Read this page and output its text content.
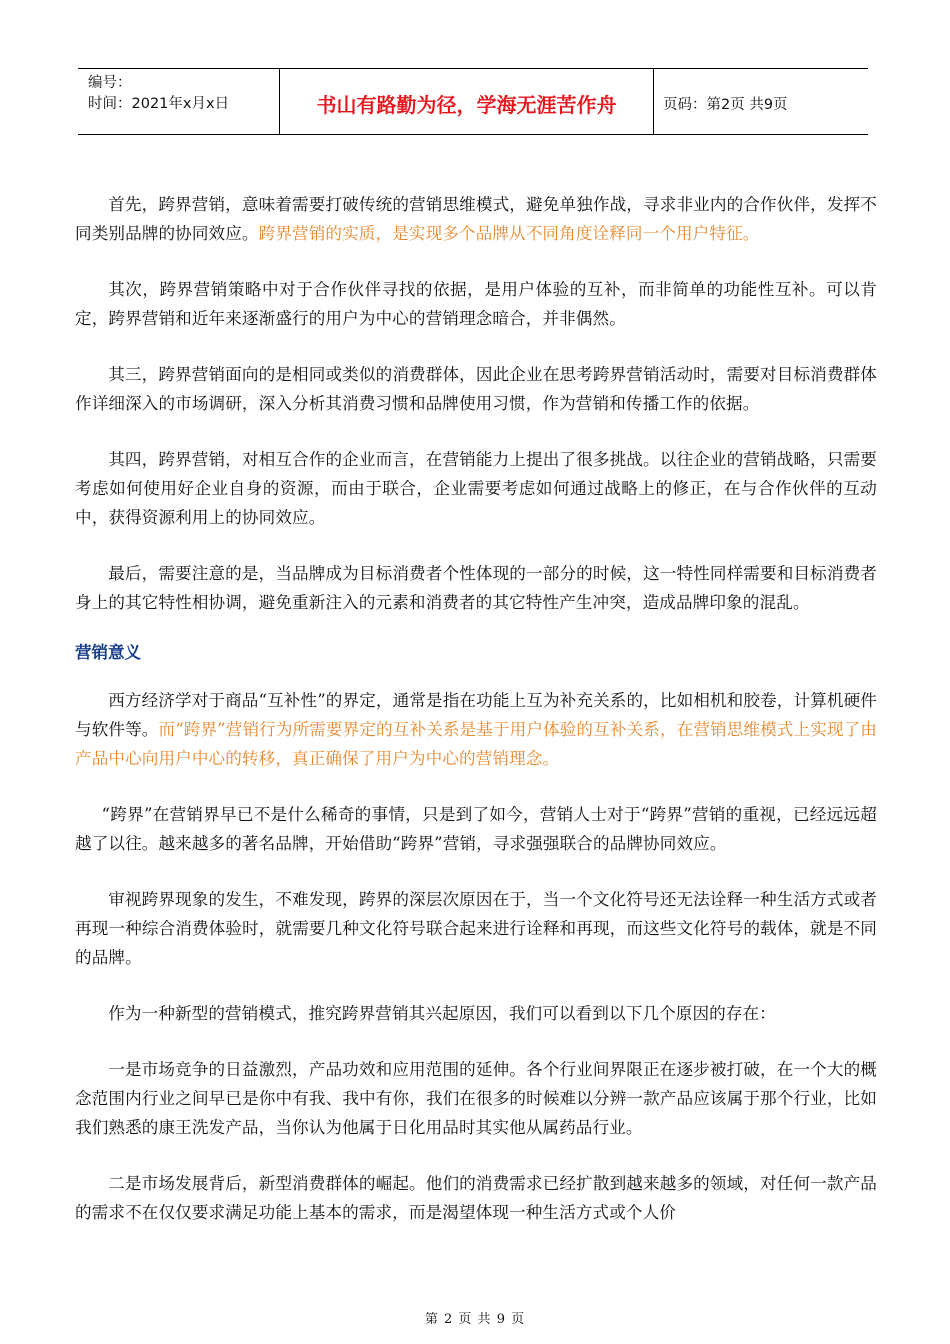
编号：
时间：2021年x月x日	书山有路勤为径，学海无涯苦作舟	页码：第2页 共9页

首先，跨界营销，意味着需要打破传统的营销思维模式，避免单独作战，寻求非业内的合作伙伴，发挥不同类别品牌的协同效应。跨界营销的实质，是实现多个品牌从不同角度诠释同一个用户特征。

其次，跨界营销策略中对于合作伙伴寻找的依据，是用户体验的互补，而非简单的功能性互补。可以肯定，跨界营销和近年来逐渐盛行的用户为中心的营销理念暗合，并非偶然。

其三，跨界营销面向的是相同或类似的消费群体，因此企业在思考跨界营销活动时，需要对目标消费群体作详细深入的市场调研，深入分析其消费习惯和品牌使用习惯，作为营销和传播工作的依据。

其四，跨界营销，对相互合作的企业而言，在营销能力上提出了很多挑战。以往企业的营销战略，只需要考虑如何使用好企业自身的资源，而由于联合，企业需要考虑如何通过战略上的修正，在与合作伙伴的互动中，获得资源利用上的协同效应。

最后，需要注意的是，当品牌成为目标消费者个性体现的一部分的时候，这一特性同样需要和目标消费者身上的其它特性相协调，避免重新注入的元素和消费者的其它特性产生冲突，造成品牌印象的混乱。

营销意义

西方经济学对于商品“互补性”的界定，通常是指在功能上互为补充关系的，比如相机和胶卷，计算机硬件与软件等。而“跨界”营销行为所需要界定的互补关系是基于用户体验的互补关系，在营销思维模式上实现了由产品中心向用户中心的转移，真正确保了用户为中心的营销理念。

“跨界”在营销界早已不是什么稀奇的事情，只是到了如今，营销人士对于“跨界”营销的重视，已经远远超越了以往。越来越多的著名品牌，开始借助“跨界”营销，寻求强强联合的品牌协同效应。

审视跨界现象的发生，不难发现，跨界的深层次原因在于，当一个文化符号还无法诠释一种生活方式或者再现一种综合消费体验时，就需要几种文化符号联合起来进行诠释和再现，而这些文化符号的载体，就是不同的品牌。

作为一种新型的营销模式，推究跨界营销其兴起原因，我们可以看到以下几个原因的存在：

一是市场竞争的日益激烈，产品功效和应用范围的延伸。各个行业间界限正在逐步被打破，在一个大的概念范围内行业之间早已是你中有我、我中有你，我们在很多的时候难以分辨一款产品应该属于那个行业，比如我们熟悉的康王洗发产品，当你认为他属于日化用品时其实他从属药品行业。

二是市场发展背后，新型消费群体的崛起。他们的消费需求已经扩散到越来越多的领域，对任何一款产品的需求不在仅仅要求满足功能上基本的需求，而是渴望体现一种生活方式或个人价

第 2 页 共 9 页
